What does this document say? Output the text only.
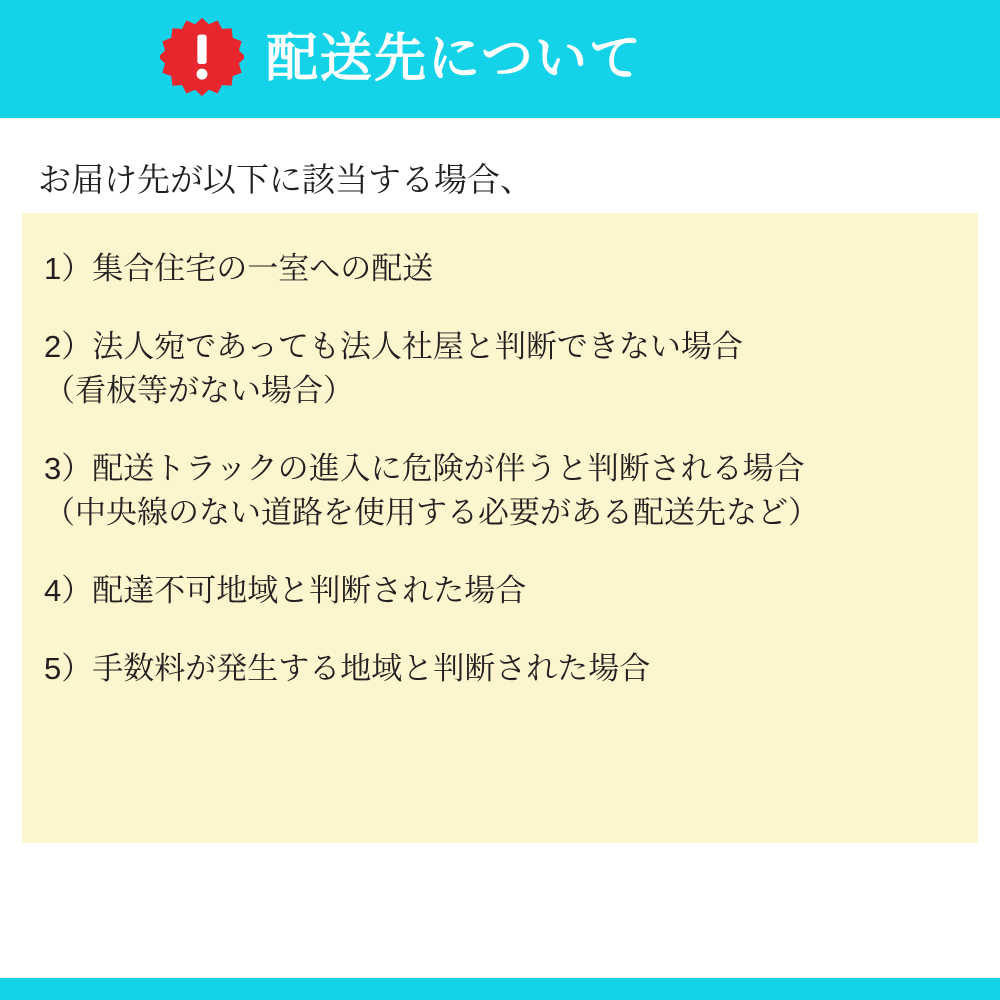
配送先について
お届け先が以下に該当する場合、
1）集合住宅の一室への配送
2）法人宛であっても法人社屋と判断できない場合
（看板等がない場合）
3）配送トラックの進入に危険が伴うと判断される場合
（中央線のない道路を使用する必要がある配送先など）
4）配達不可地域と判断された場合
5）手数料が発生する地域と判断された場合
